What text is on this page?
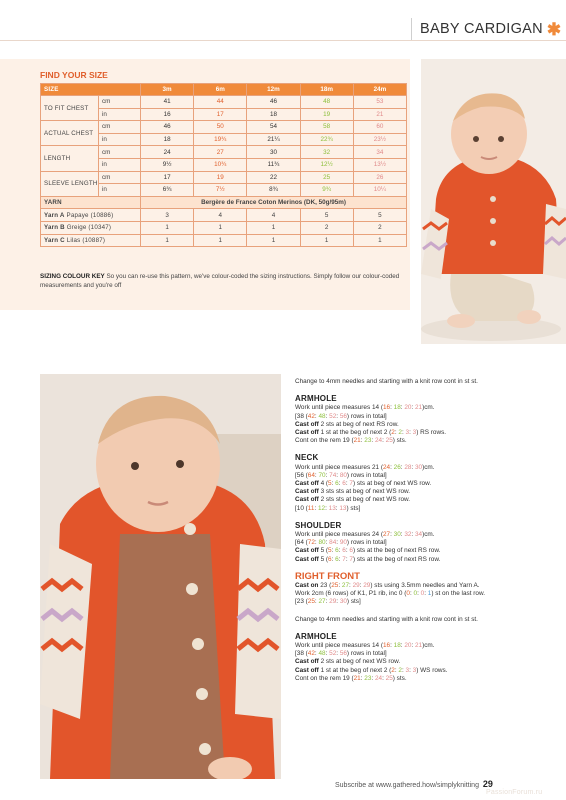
BABY CARDIGAN ✱
FIND YOUR SIZE
SIZE		3m	6m	12m	18m	24m
TO FIT CHEST	cm	41	44	46	48	53
	in	16	17	18	19	21
ACTUAL CHEST	cm	46	50	54	58	60
	in	18	19¾	21¼	22¾	23½
LENGTH	cm	24	27	30	32	34
	in	9½	10¾	11¾	12½	13½
SLEEVE LENGTH	cm	17	19	22	25	26
	in	6¾	7½	8¾	9¾	10¼
YARN		Bergère de France Coton Merinos (DK, 50g/95m)				
Yarn A Papaye (10886)		3	4	4	5	5
Yarn B Greige (10347)		1	1	1	2	2
Yarn C Lilas (10887)		1	1	1	1	1
SIZING COLOUR KEY So you can re-use this pattern, we've colour-coded the sizing instructions. Simply follow our colour-coded measurements and you're off

Change to 4mm needles and starting with a knit row cont in st st.

ARMHOLE

Work until piece measures 14 (16: 18: 20: 21)cm.

[38 (42: 48: 52: 56) rows in total]

Cast off 2 sts at beg of next RS row.

Cast off 1 st at the beg of next 2 (2: 2: 3: 3) RS rows.

Cont on the rem 19 (21: 23: 24: 25) sts.

NECK

Work until piece measures 21 (24: 26: 28: 30)cm.

[56 (64: 70: 74: 80) rows in total]

Cast off 4 (5: 6: 6: 7) sts at beg of next WS row.

Cast off 3 sts sts at beg of next WS row.

Cast off 2 sts sts at beg of next WS row.

[10 (11: 12: 13: 13) sts]

SHOULDER

Work until piece measures 24 (27: 30: 32: 34)cm.

[64 (72: 80: 84: 90) rows in total]

Cast off 5 (5: 6: 6: 6) sts at the beg of next RS row.

Cast off 5 (6: 6: 7: 7) sts at the beg of next RS row.

RIGHT FRONT

Cast on 23 (25: 27: 29: 29) sts using 3.5mm needles and Yarn A.

Work 2cm (6 rows) of K1, P1 rib, inc 0 (0: 0: 0: 1) st on the last row.

[23 (25: 27: 29: 30) sts]

Change to 4mm needles and starting with a knit row cont in st st.

ARMHOLE

Work until piece measures 14 (16: 18: 20: 21)cm.

[38 (42: 48: 52: 56) rows in total]

Cast off 2 sts at beg of next WS row.

Cast off 1 st at the beg of next 2 (2: 2: 3: 3) WS rows.

Cont on the rem 19 (21: 23: 24: 25) sts.

Subscribe at www.gathered.how/simplyknitting 29
PassionForum.ru
